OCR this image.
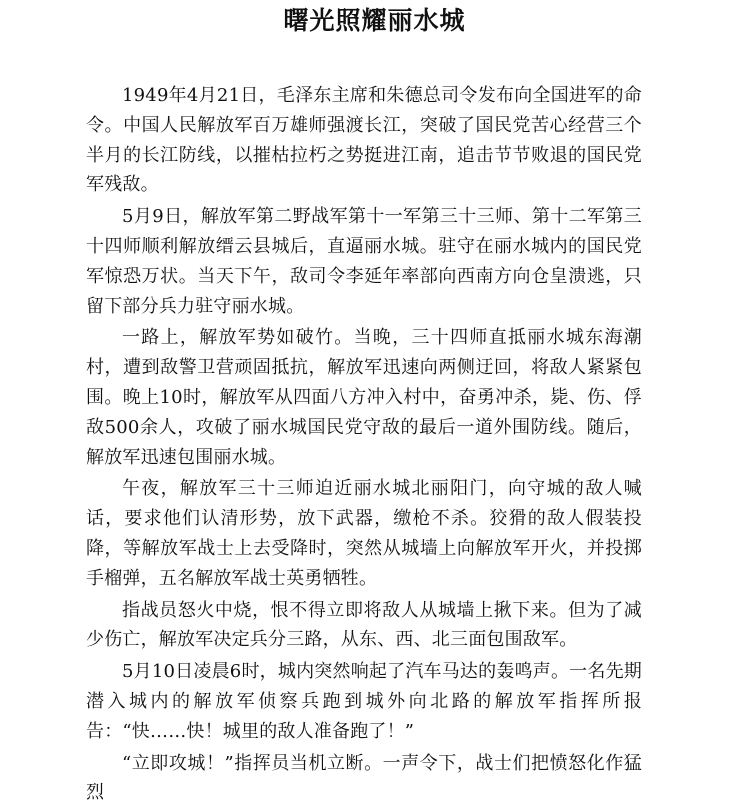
曙光照耀丽水城

1949年4月21日，毛泽东主席和朱德总司令发布向全国进军的命令。中国人民解放军百万雄师强渡长江，突破了国民党苦心经营三个半月的长江防线，以摧枯拉朽之势挺进江南，追击节节败退的国民党军残敌。

5月9日，解放军第二野战军第十一军第三十三师、第十二军第三十四师顺利解放缙云县城后，直逼丽水城。驻守在丽水城内的国民党军惊恐万状。当天下午，敌司令李延年率部向西南方向仓皇溃逃，只留下部分兵力驻守丽水城。

一路上，解放军势如破竹。当晚，三十四师直抵丽水城东海潮村，遭到敌警卫营顽固抵抗，解放军迅速向两侧迂回，将敌人紧紧包围。晚上10时，解放军从四面八方冲入村中，奋勇冲杀，毙、伤、俘敌500余人，攻破了丽水城国民党守敌的最后一道外围防线。随后，解放军迅速包围丽水城。

午夜，解放军三十三师迫近丽水城北丽阳门，向守城的敌人喊话，要求他们认清形势，放下武器，缴枪不杀。狡猾的敌人假装投降，等解放军战士上去受降时，突然从城墙上向解放军开火，并投掷手榴弹，五名解放军战士英勇牺牲。

指战员怒火中烧，恨不得立即将敌人从城墙上揪下来。但为了减少伤亡，解放军决定兵分三路，从东、西、北三面包围敌军。

5月10日凌晨6时，城内突然响起了汽车马达的轰鸣声。一名先期潜入城内的解放军侦察兵跑到城外向北路的解放军指挥所报告：“快……快！城里的敌人准备跑了！”

“立即攻城！”指挥员当机立断。一声令下，战士们把愤怒化作猛烈
